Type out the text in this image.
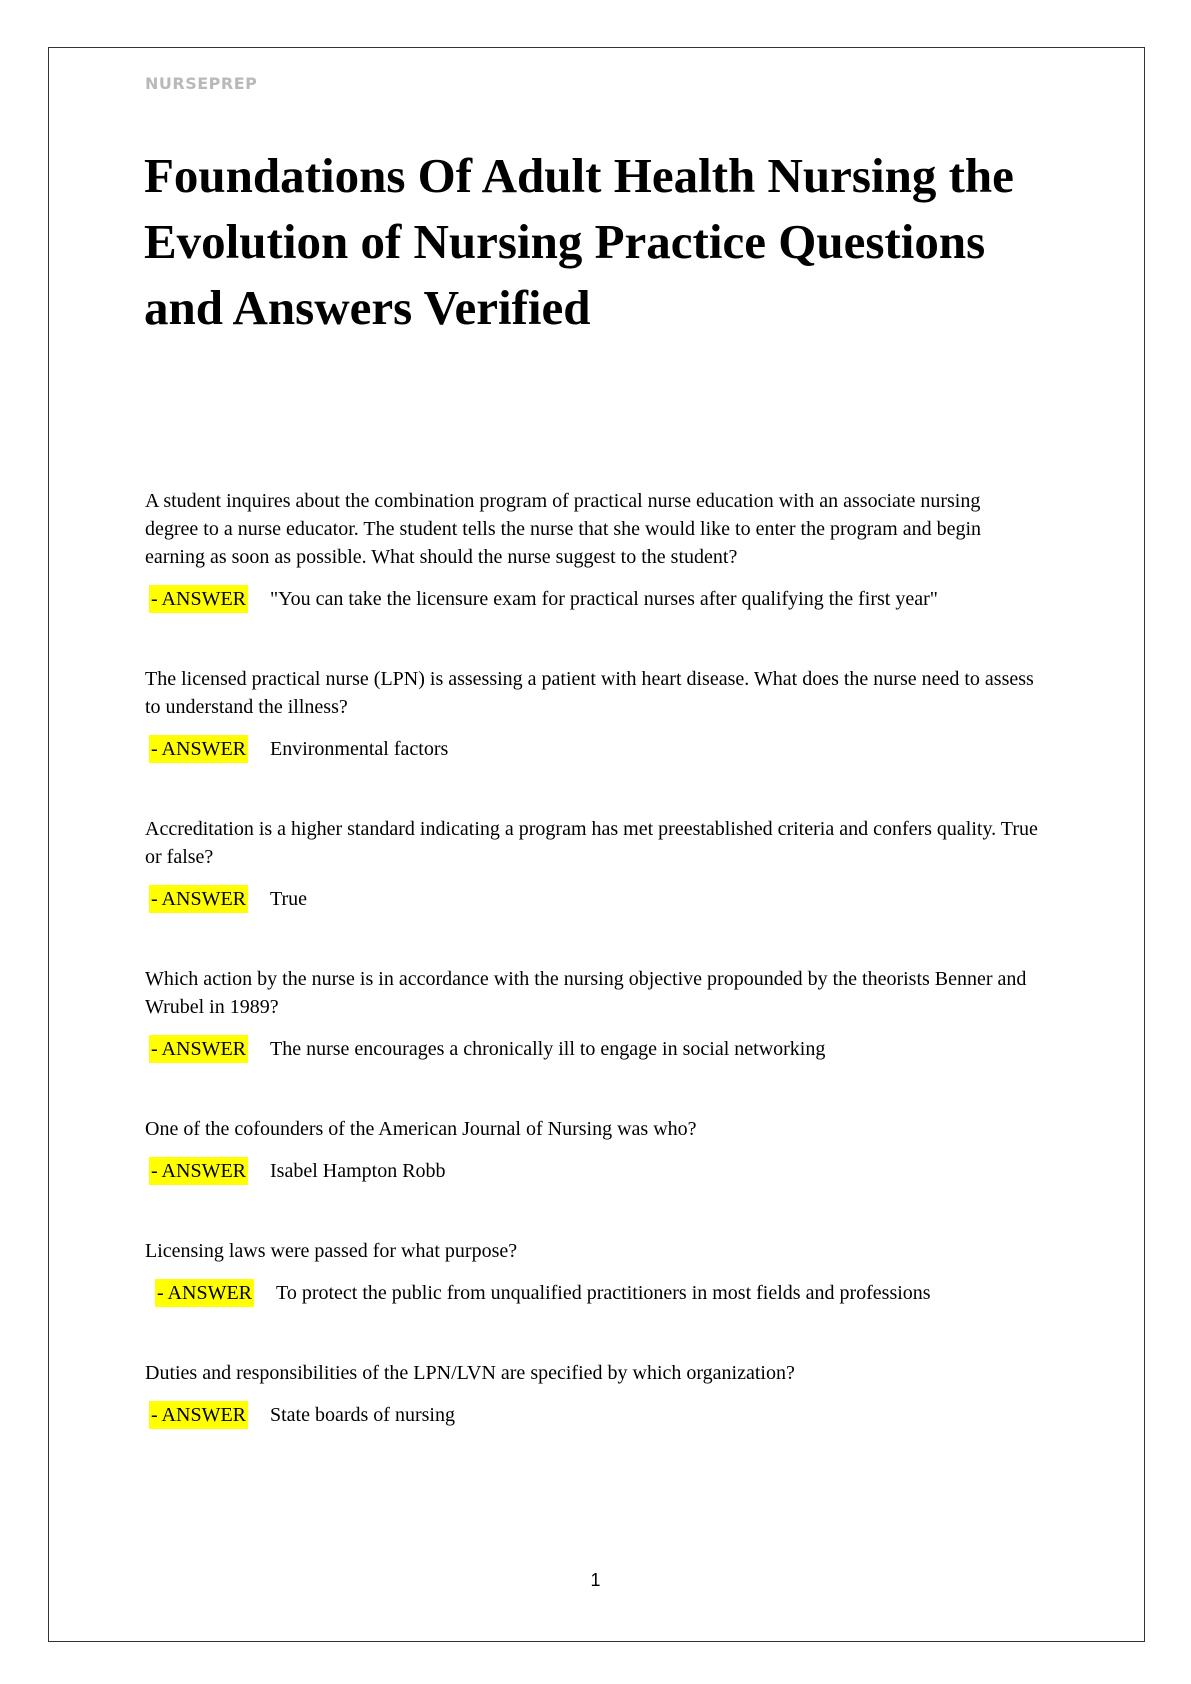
NURSEPREP
Foundations Of Adult Health Nursing the Evolution of Nursing Practice Questions and Answers Verified

A student inquires about the combination program of practical nurse education with an associate nursing degree to a nurse educator. The student tells the nurse that she would like to enter the program and begin earning as soon as possible. What should the nurse suggest to the student?

- ANSWER "You can take the licensure exam for practical nurses after qualifying the first year"

The licensed practical nurse (LPN) is assessing a patient with heart disease. What does the nurse need to assess to understand the illness?

- ANSWER Environmental factors

Accreditation is a higher standard indicating a program has met preestablished criteria and confers quality. True or false?

- ANSWER True

Which action by the nurse is in accordance with the nursing objective propounded by the theorists Benner and Wrubel in 1989?

- ANSWER The nurse encourages a chronically ill to engage in social networking

One of the cofounders of the American Journal of Nursing was who?

- ANSWER Isabel Hampton Robb

Licensing laws were passed for what purpose?

- ANSWER To protect the public from unqualified practitioners in most fields and professions

Duties and responsibilities of the LPN/LVN are specified by which organization?

- ANSWER State boards of nursing
1
